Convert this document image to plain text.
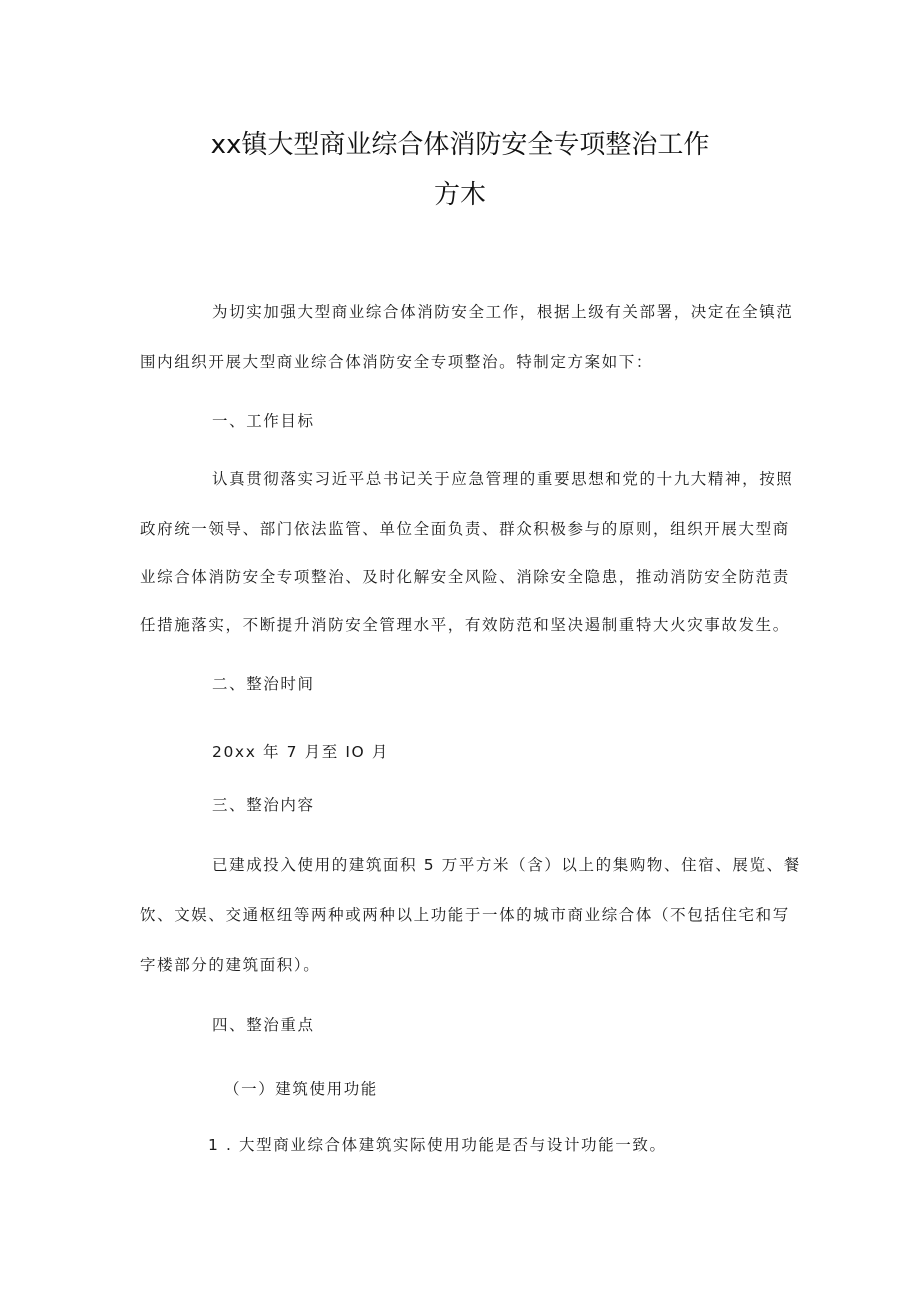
xx镇大型商业综合体消防安全专项整治工作
方木
为切实加强大型商业综合体消防安全工作，根据上级有关部署，决定在全镇范
围内组织开展大型商业综合体消防安全专项整治。特制定方案如下：
一、工作目标
认真贯彻落实习近平总书记关于应急管理的重要思想和党的十九大精神，按照
政府统一领导、部门依法监管、单位全面负责、群众积极参与的原则，组织开展大型商
业综合体消防安全专项整治、及时化解安全风险、消除安全隐患，推动消防安全防范责
任措施落实，不断提升消防安全管理水平，有效防范和坚决遏制重特大火灾事故发生。
二、整治时间
20xx 年 7 月至 IO 月
三、整治内容
已建成投入使用的建筑面积 5 万平方米（含）以上的集购物、住宿、展览、餐
饮、文娱、交通枢纽等两种或两种以上功能于一体的城市商业综合体（不包括住宅和写
字楼部分的建筑面积）。
四、整治重点
（一）建筑使用功能
1 . 大型商业综合体建筑实际使用功能是否与设计功能一致。
